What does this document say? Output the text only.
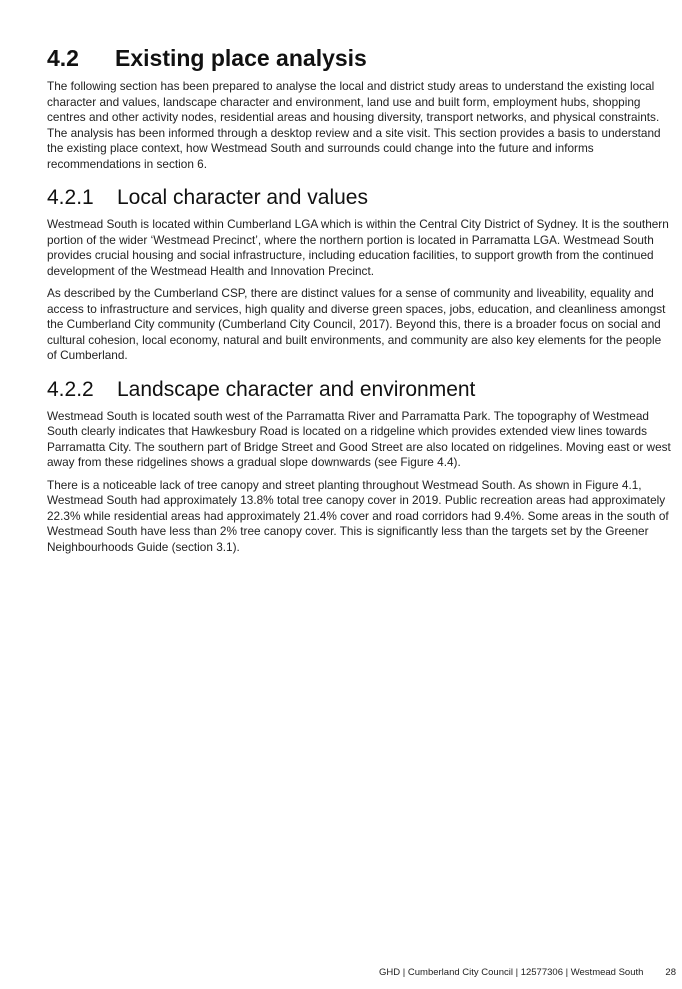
4.2	Existing place analysis

The following section has been prepared to analyse the local and district study areas to understand the existing local character and values, landscape character and environment, land use and built form, employment hubs, shopping centres and other activity nodes, residential areas and housing diversity, transport networks, and physical constraints. The analysis has been informed through a desktop review and a site visit. This section provides a basis to understand the existing place context, how Westmead South and surrounds could change into the future and informs recommendations in section 6.

4.2.1	Local character and values

Westmead South is located within Cumberland LGA which is within the Central City District of Sydney. It is the southern portion of the wider ‘Westmead Precinct’, where the northern portion is located in Parramatta LGA. Westmead South provides crucial housing and social infrastructure, including education facilities, to support growth from the continued development of the Westmead Health and Innovation Precinct.

As described by the Cumberland CSP, there are distinct values for a sense of community and liveability, equality and access to infrastructure and services, high quality and diverse green spaces, jobs, education, and cleanliness amongst the Cumberland City community (Cumberland City Council, 2017). Beyond this, there is a broader focus on social and cultural cohesion, local economy, natural and built environments, and community are also key elements for the people of Cumberland.

4.2.2	Landscape character and environment

Westmead South is located south west of the Parramatta River and Parramatta Park. The topography of Westmead South clearly indicates that Hawkesbury Road is located on a ridgeline which provides extended view lines towards Parramatta City. The southern part of Bridge Street and Good Street are also located on ridgelines. Moving east or west away from these ridgelines shows a gradual slope downwards (see Figure 4.4).

There is a noticeable lack of tree canopy and street planting throughout Westmead South. As shown in Figure 4.1, Westmead South had approximately 13.8% total tree canopy cover in 2019. Public recreation areas had approximately 22.3% while residential areas had approximately 21.4% cover and road corridors had 9.4%. Some areas in the south of Westmead South have less than 2% tree canopy cover. This is significantly less than the targets set by the Greener Neighbourhoods Guide (section 3.1).

GHD | Cumberland City Council | 12577306 | Westmead South 28
